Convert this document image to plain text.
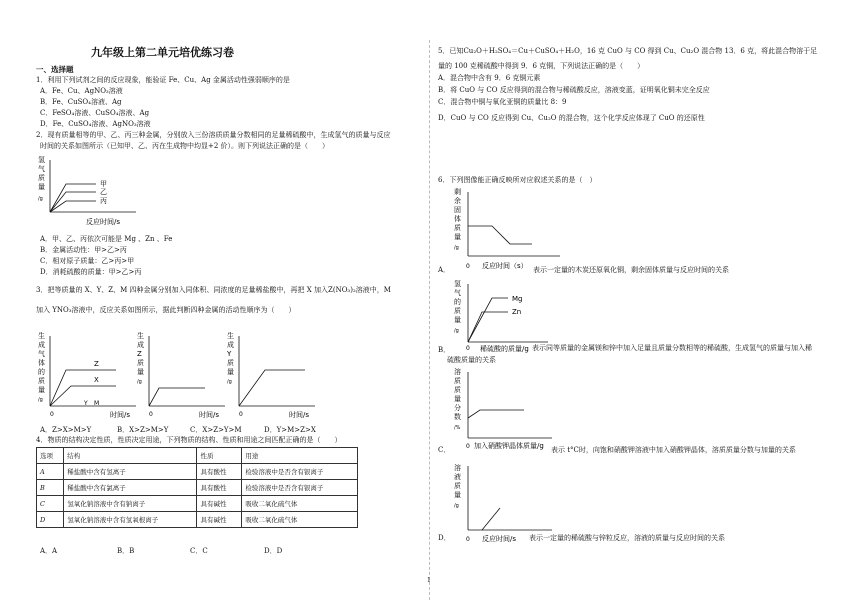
九年级上第二单元培优练习卷
一、选择题
1．利用下列试剂之间的反应现象，能验证 Fe、Cu、Ag 金属活动性强弱顺序的是
A．Fe、Cu、AgNO₃溶液
B．Fe、CuSO₄溶液、Ag
C．FeSO₄溶液、CuSO₄溶液、Ag
D．Fe、CuSO₄溶液、AgNO₃溶液
2．现有质量相等的甲、乙、丙三种金属，分别放入三份溶质质量分数相同的足量稀硫酸中，生成氢气的质量与反应
时间的关系如图所示（已知甲、乙、丙在生成物中均显+2 价）。则下列说法正确的是（　　）
氢
气
质
量
/g
甲
乙
丙
反应时间/s
A．甲、乙、丙依次可能是 Mg 、Zn 、Fe
B．金属活动性：甲>乙>丙
C．相对原子质量：乙>丙>甲
D．消耗硫酸的质量：甲>乙>丙
3．把等质量的 X、Y、Z、M 四种金属分别加入同体积、同浓度的足量稀盐酸中，再把 X 加入Z(NO₃)₂溶液中，M
加入 YNO₃溶液中，反应关系如图所示，据此判断四种金属的活动性顺序为（　　）
生
成
气
体
的
质
量
/g
Z
X
Y M
0	时间/s
生
成
Z
质
量
/g
0	时间/s
生
成
Y
质
量
/g
0	时间/s
A．Z>X>M>Y	B．X>Z>M>Y	C．X>Z>Y>M	D．Y>M>Z>X
4．物质的结构决定性质，性质决定用途，下列物质的结构、性质和用途之间匹配正确的是（　　）
选项	结构	性质	用途
A	稀盐酸中含有氢离子	具有酸性	检验溶液中是否含有银离子
B	稀盐酸中含有氯离子	具有酸性	检验溶液中是否含有银离子
C	氢氧化钠溶液中含有钠离子	具有碱性	吸收二氧化硫气体
D	氢氧化钠溶液中含有氢氧根离子	具有碱性	吸收二氧化硫气体
A．A	B．B	C．C	D．D
5．已知Cu₂O＋H₂SO₄＝Cu＋CuSO₄＋H₂O，16 克 CuO 与 CO 得到 Cu、Cu₂O 混合物 13．6 克，将此混合物溶于足
量的 100 克稀硫酸中得到 9．6 克铜，下列说法正确的是（　　）
A．混合物中含有 9．6 克铜元素
B．将 CuO 与 CO 反应得到的混合物与稀硫酸反应，溶液变蓝，证明氧化铜未完全反应
C．混合物中铜与氧化亚铜的质量比 8：9
D．CuO 与 CO 反应得到 Cu、Cu₂O 的混合物，这个化学反应体现了 CuO 的还原性
6．下列图像能正确反映所对应叙述关系的是（　）
剩
余
固
体
质
量
/g
0 反应时间（s）
A．	表示一定量的木炭还原氧化铜，剩余固体质量与反应时间的关系
氢
气
的
质
量
/g
Mg
Zn
0 稀硫酸的质量/g
B．	表示同等质量的金属镁和锌中加入足量且质量分数相等的稀硫酸，生成氢气的质量与加入稀
硫酸质量的关系
溶
质
质
量
分
数
/%
0 加入硝酸钾晶体质量/g
C．	表示 t°C时，向饱和硝酸钾溶液中加入硝酸钾晶体，溶质质量分数与加量的关系
溶
液
质
量
/g
0 反应时间/s
D．	表示一定量的稀硫酸与锌粒反应，溶液的质量与反应时间的关系
1
